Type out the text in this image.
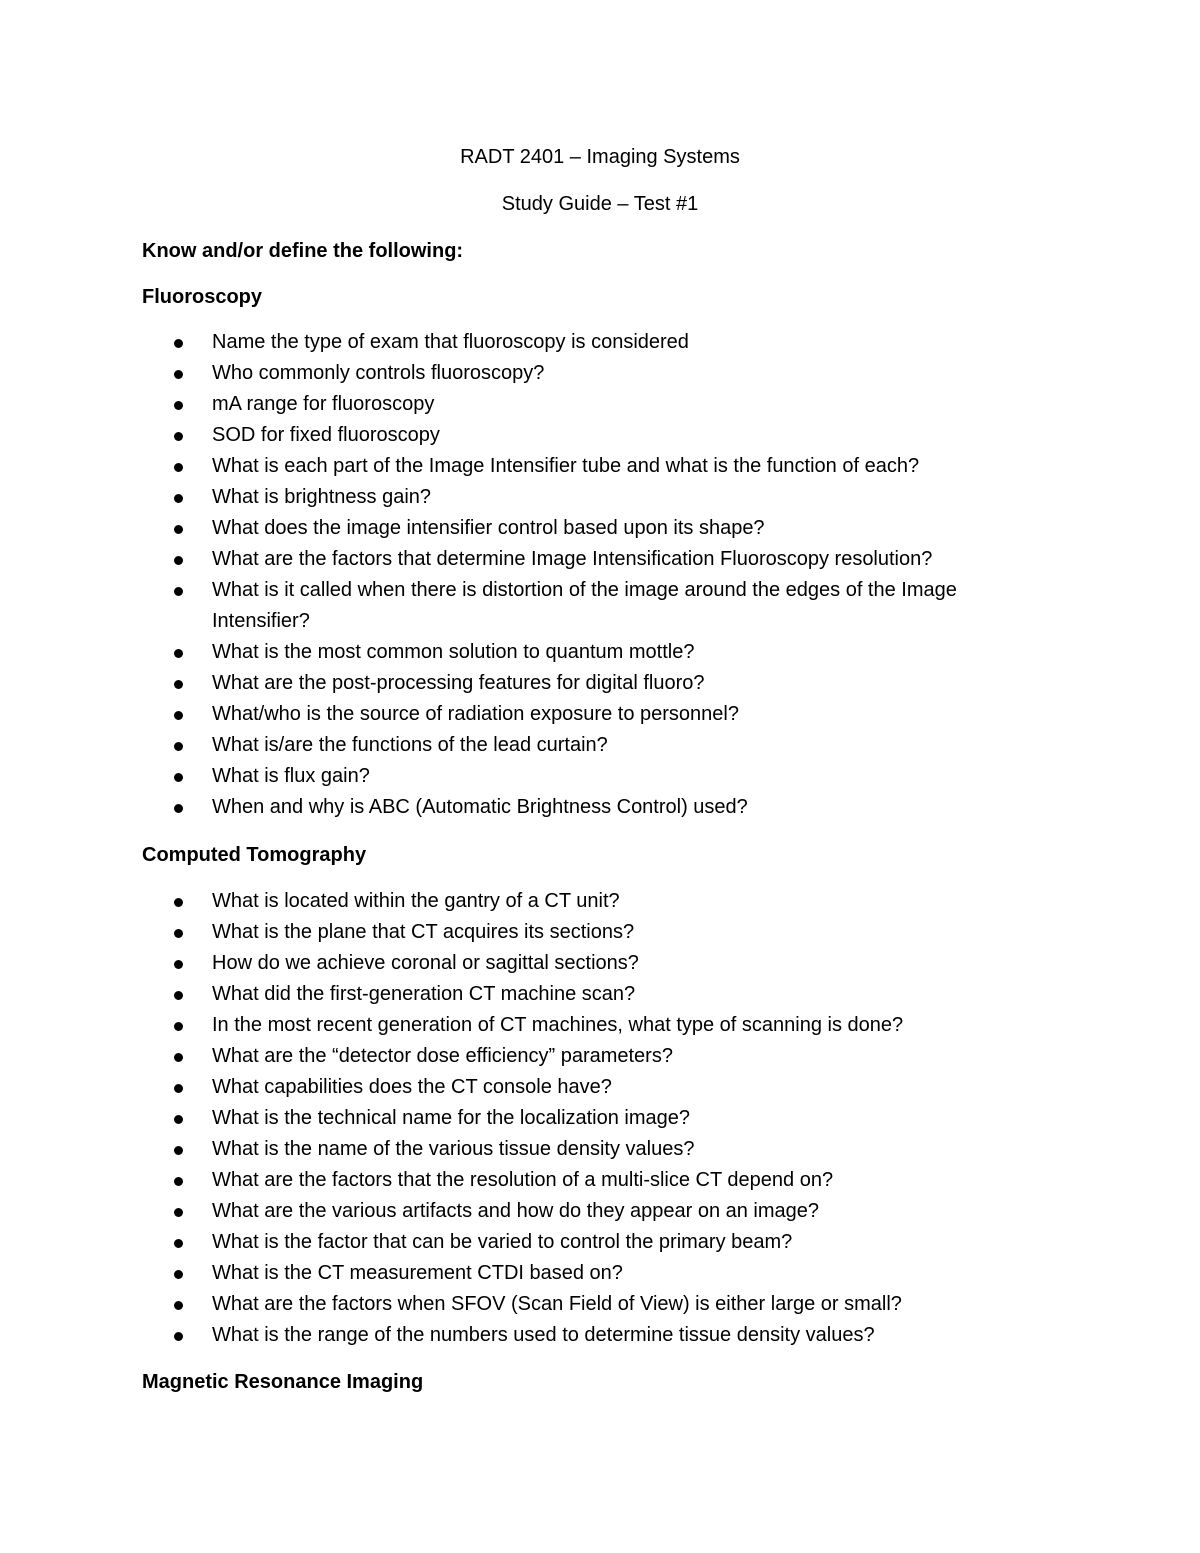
RADT 2401 – Imaging Systems
Study Guide – Test #1
Know and/or define the following:
Fluoroscopy
Name the type of exam that fluoroscopy is considered
Who commonly controls fluoroscopy?
mA range for fluoroscopy
SOD for fixed fluoroscopy
What is each part of the Image Intensifier tube and what is the function of each?
What is brightness gain?
What does the image intensifier control based upon its shape?
What are the factors that determine Image Intensification Fluoroscopy resolution?
What is it called when there is distortion of the image around the edges of the Image Intensifier?
What is the most common solution to quantum mottle?
What are the post-processing features for digital fluoro?
What/who is the source of radiation exposure to personnel?
What is/are the functions of the lead curtain?
What is flux gain?
When and why is ABC (Automatic Brightness Control) used?
Computed Tomography
What is located within the gantry of a CT unit?
What is the plane that CT acquires its sections?
How do we achieve coronal or sagittal sections?
What did the first-generation CT machine scan?
In the most recent generation of CT machines, what type of scanning is done?
What are the “detector dose efficiency” parameters?
What capabilities does the CT console have?
What is the technical name for the localization image?
What is the name of the various tissue density values?
What are the factors that the resolution of a multi-slice CT depend on?
What are the various artifacts and how do they appear on an image?
What is the factor that can be varied to control the primary beam?
What is the CT measurement CTDI based on?
What are the factors when SFOV (Scan Field of View) is either large or small?
What is the range of the numbers used to determine tissue density values?
Magnetic Resonance Imaging
